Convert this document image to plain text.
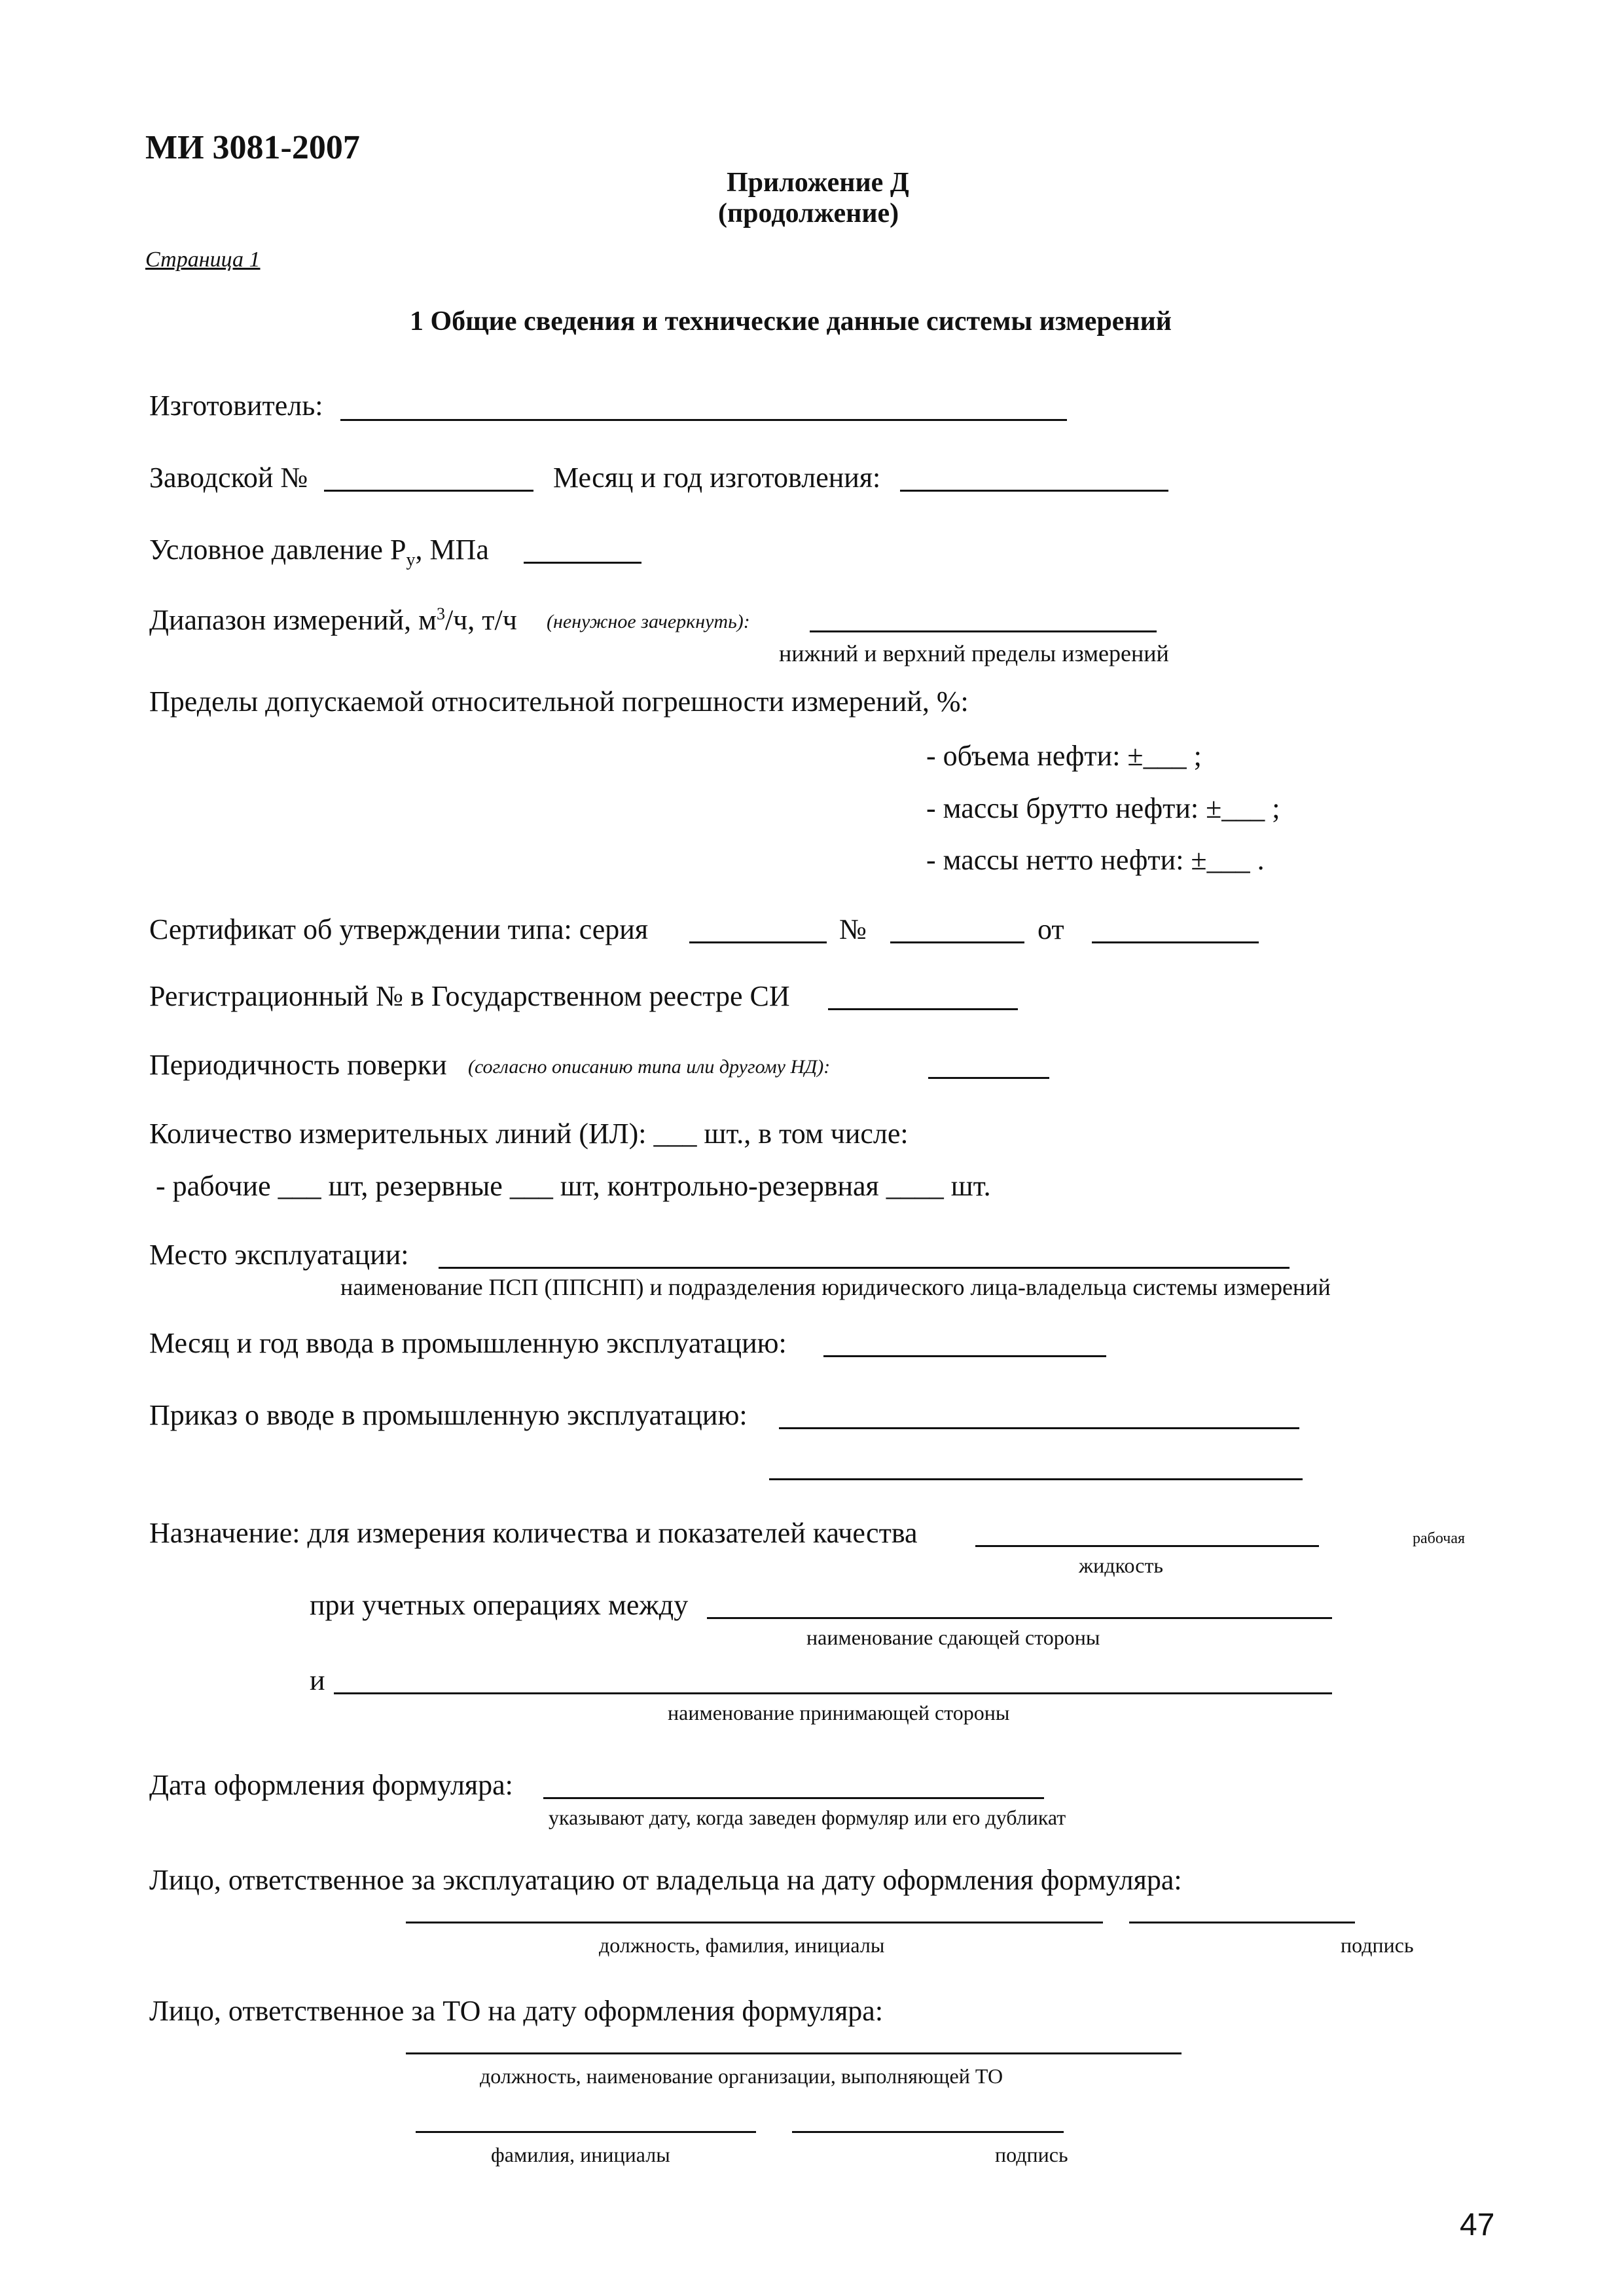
МИ 3081-2007
Приложение Д
(продолжение)
Страница 1
1 Общие сведения и технические данные системы измерений
Изготовитель:
Заводской №	Месяц и год изготовления:
Условное давление $Р_у$, МПа
Диапазон измерений, $м^3/ч$, т/ч (ненужное зачеркнуть):
нижний и верхний пределы измерений
Пределы допускаемой относительной погрешности измерений, %:
- объема нефти: ±___ ;
- массы брутто нефти: ±___ ;
- массы нетто нефти: ±___ .
Сертификат об утверждении типа: серия	№	от
Регистрационный № в Государственном реестре СИ
Периодичность поверки (согласно описанию типа или другому НД):
Количество измерительных линий (ИЛ): ___ шт., в том числе:
- рабочие ___ шт, резервные ___ шт, контрольно-резервная ____ шт.
Место эксплуатации:
наименование ПСП (ППСНП) и подразделения юридического лица-владельца системы измерений
Месяц и год ввода в промышленную эксплуатацию:
Приказ о вводе в промышленную эксплуатацию:
Назначение: для измерения количества и показателей качества	рабочая
жидкость
при учетных операциях между
наименование сдающей стороны
и
наименование принимающей стороны
Дата оформления формуляра:
указывают дату, когда заведен формуляр или его дубликат
Лицо, ответственное за эксплуатацию от владельца на дату оформления формуляра:
должность, фамилия, инициалы	подпись
Лицо, ответственное за ТО на дату оформления формуляра:
должность, наименование организации, выполняющей ТО
фамилия, инициалы	подпись
47
